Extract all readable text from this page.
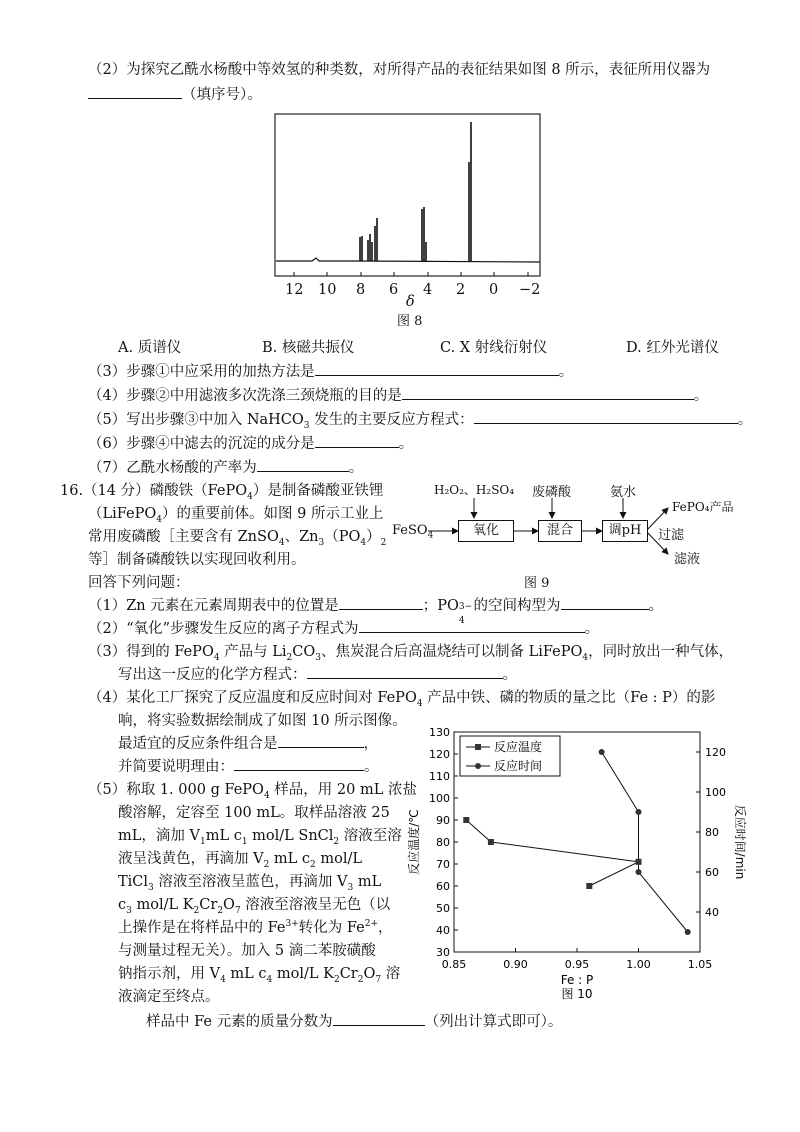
（2）为探究乙酰水杨酸中等效氢的种类数，对所得产品的表征结果如图 8 所示，表征所用仪器为
（填序号）。
12 10 8 6 4 2 0 −2
δ
图 8
A. 质谱仪	B. 核磁共振仪	C. X 射线衍射仪	D. 红外光谱仪
（3）步骤①中应采用的加热方法是	。
（4）步骤②中用滤液多次洗涤三颈烧瓶的目的是	。
（5）写出步骤③中加入 NaHCO$_3$ 发生的主要反应方程式：	。
（6）步骤④中滤去的沉淀的成分是	。
（7）乙酰水杨酸的产率为	。
16.（14 分）磷酸铁（FePO$_4$）是制备磷酸亚铁锂
（LiFePO$_4$）的重要前体。如图 9 所示工业上
常用废磷酸［主要含有 ZnSO$_4$、$Zn_3(PO_4)_2$
等］制备磷酸铁以实现回收利用。
回答下列问题：
FeSO$_4$
H₂O₂、H₂SO₄ 废磷酸	氨水
氧化	混合	调pH
FePO₄产品
过滤
滤液
图 9
（1）Zn 元素在元素周期表中的位置是	；PO 3−
4
的空间构型为	。
（2）“氧化”步骤发生反应的离子方程式为	。
（3）得到的 FePO$_4$ 产品与 $Li_2CO_3$、焦炭混合后高温烧结可以制备 LiFePO$_4$，同时放出一种气体，
写出这一反应的化学方程式：	。
（4）某化工厂探究了反应温度和反应时间对 FePO$_4$ 产品中铁、磷的物质的量之比（Fe : P）的影
响，将实验数据绘制成了如图 10 所示图像。
最适宜的反应条件组合是	，
并简要说明理由：	。
（5）称取 1. 000 g FePO$_4$ 样品，用 20 mL 浓盐
酸溶解，定容至 100 mL。取样品溶液 25
mL，滴加 $V_1mL$ $c_1$ mol/L SnCl$_2$ 溶液至溶
液呈浅黄色，再滴加 $V_2$ mL $c_2$ mol/L
TiCl$_3$ 溶液至溶液呈蓝色，再滴加 $V_3$ mL
$c_3$ mol/L $K_2Cr_2O_7$ 溶液至溶液呈无色（以
上操作是在将样品中的 $Fe^{3+}$转化为 $Fe^{2+}$，
与测量过程无关）。加入 5 滴二苯胺磺酸
钠指示剂，用 $V_4$ mL $c_4$ mol/L $K_2Cr_2O_7$ 溶
液滴定至终点。
样品中 Fe 元素的质量分数为	（列出计算式即可）。
30
40
50
60
70
80
90
100
110
120
130
40
60
80
100
120
0.85	0.90	0.95	1.00	1.05
反应温度
反应时间
反应温度/℃	反应时间/min
Fe : P
图 10
